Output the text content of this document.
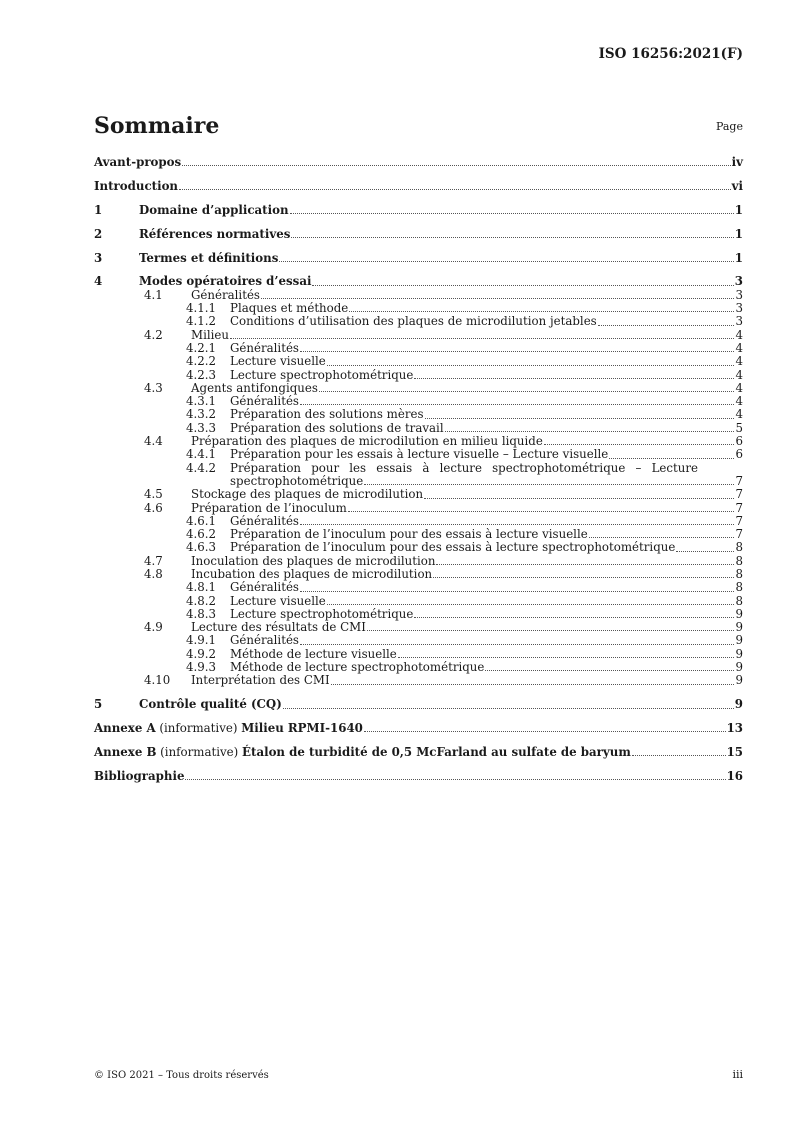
ISO 16256:2021(F)
Sommaire	Page
Avant-propos	iv
Introduction	vi
1	Domaine d’application	1
2	Références normatives	1
3	Termes et définitions	1
4	Modes opératoires d’essai	3
4.1	Généralités	3
4.1.1	Plaques et méthode	3
4.1.2	Conditions d’utilisation des plaques de microdilution jetables	3
4.2	Milieu	4
4.2.1	Généralités	4
4.2.2	Lecture visuelle	4
4.2.3	Lecture spectrophotométrique	4
4.3	Agents antifongiques	4
4.3.1	Généralités	4
4.3.2	Préparation des solutions mères	4
4.3.3	Préparation des solutions de travail	5
4.4	Préparation des plaques de microdilution en milieu liquide	6
4.4.1	Préparation pour les essais à lecture visuelle – Lecture visuelle	6
4.4.2	Préparation pour les essais à lecture spectrophotométrique – Lecture
spectrophotométrique	7
4.5	Stockage des plaques de microdilution	7
4.6	Préparation de l’inoculum	7
4.6.1	Généralités	7
4.6.2	Préparation de l’inoculum pour des essais à lecture visuelle	7
4.6.3	Préparation de l’inoculum pour des essais à lecture spectrophotométrique	8
4.7	Inoculation des plaques de microdilution	8
4.8	Incubation des plaques de microdilution	8
4.8.1	Généralités	8
4.8.2	Lecture visuelle	8
4.8.3	Lecture spectrophotométrique	9
4.9	Lecture des résultats de CMI	9
4.9.1	Généralités	9
4.9.2	Méthode de lecture visuelle	9
4.9.3	Méthode de lecture spectrophotométrique	9
4.10	Interprétation des CMI	9
5	Contrôle qualité (CQ)	9
Annexe A (informative) Milieu RPMI-1640	13
Annexe B (informative) Étalon de turbidité de 0,5 McFarland au sulfate de baryum	15
Bibliographie	16
© ISO 2021 – Tous droits réservés	iii
